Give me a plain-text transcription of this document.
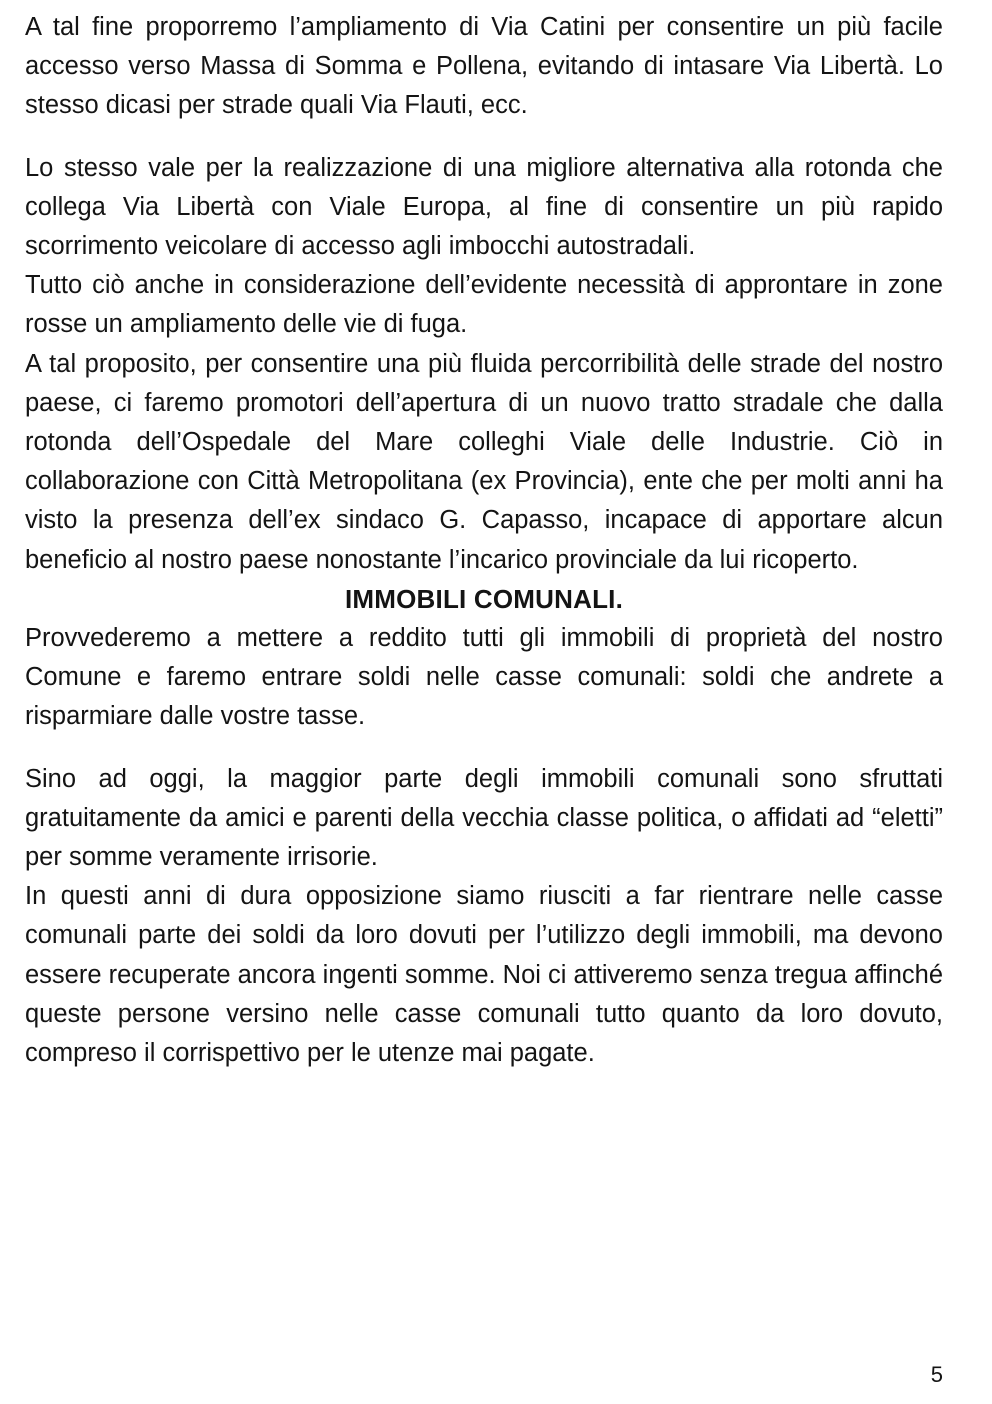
A tal fine proporremo l’ampliamento di Via Catini per consentire un più facile accesso verso Massa di Somma e Pollena, evitando di intasare Via Libertà. Lo stesso dicasi per strade quali Via Flauti, ecc.

Lo stesso vale per la realizzazione di una migliore alternativa alla rotonda che collega Via Libertà con Viale Europa, al fine di consentire un più rapido scorrimento veicolare di accesso agli imbocchi autostradali.

Tutto ciò anche in considerazione dell’evidente necessità di approntare in zone rosse un ampliamento delle vie di fuga.

A tal proposito, per consentire una più fluida percorribilità delle strade del nostro paese, ci faremo promotori dell’apertura di un nuovo tratto stradale che dalla rotonda dell’Ospedale del Mare colleghi Viale delle Industrie. Ciò in collaborazione con Città Metropolitana (ex Provincia), ente che per molti anni ha visto la presenza dell’ex sindaco G. Capasso, incapace di apportare alcun beneficio al nostro paese nonostante l’incarico provinciale da lui ricoperto.

IMMOBILI COMUNALI.

Provvederemo a mettere a reddito tutti gli immobili di proprietà del nostro Comune e faremo entrare soldi nelle casse comunali: soldi che andrete a risparmiare dalle vostre tasse.

Sino ad oggi, la maggior parte degli immobili comunali sono sfruttati gratuitamente da amici e parenti della vecchia classe politica, o affidati ad “eletti” per somme veramente irrisorie.

In questi anni di dura opposizione siamo riusciti a far rientrare nelle casse comunali parte dei soldi da loro dovuti per l’utilizzo degli immobili, ma devono essere recuperate ancora ingenti somme. Noi ci attiveremo senza tregua affinché queste persone versino nelle casse comunali tutto quanto da loro dovuto, compreso il corrispettivo per le utenze mai pagate.

5
